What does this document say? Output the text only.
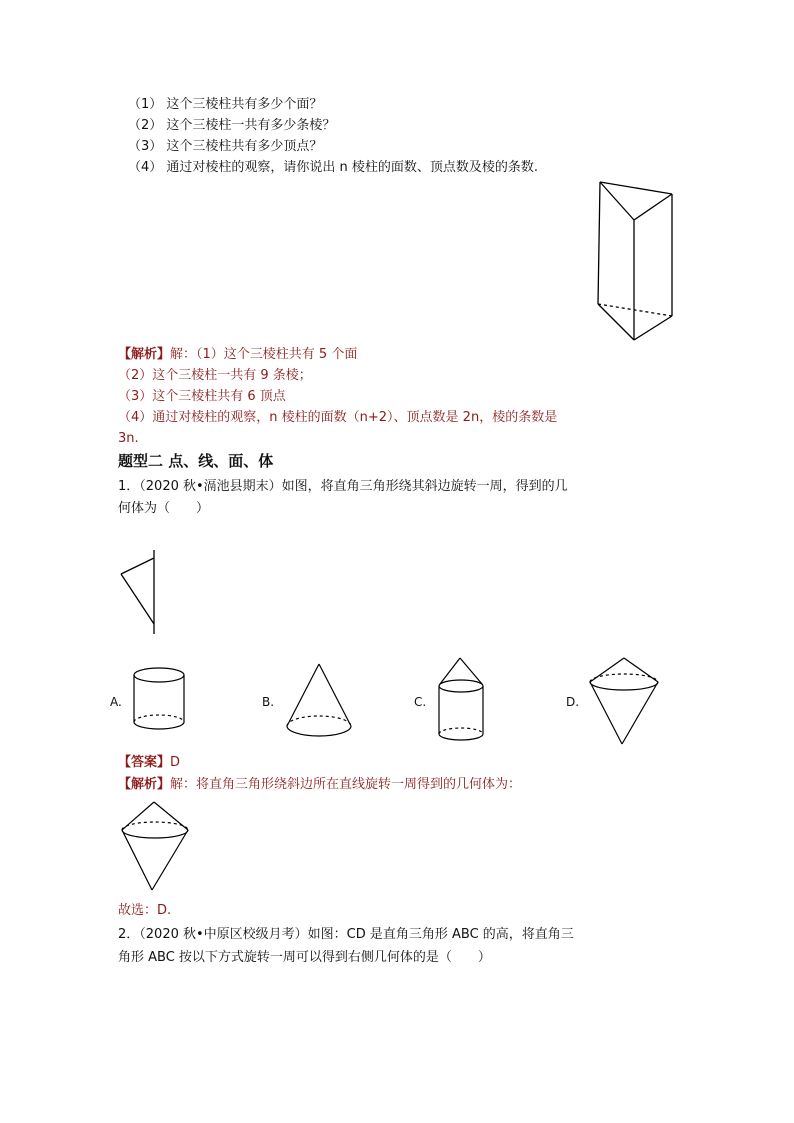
（1） 这个三棱柱共有多少个面？
（2） 这个三棱柱一共有多少条棱？
（3） 这个三棱柱共有多少顶点？
（4） 通过对棱柱的观察，请你说出 n 棱柱的面数、顶点数及棱的条数.
【解析】解：（1）这个三棱柱共有 5 个面
（2）这个三棱柱一共有 9 条棱；
（3）这个三棱柱共有 6 顶点
（4）通过对棱柱的观察，n 棱柱的面数（n+2）、顶点数是 2n，棱的条数是
3n.
题型二 点、线、面、体
1．（2020 秋•滆池县期末）如图，将直角三角形绕其斜边旋转一周，得到的几
何体为（　　）
A.	B.	C.	D.
【答案】D
【解析】解：将直角三角形绕斜边所在直线旋转一周得到的几何体为：
故选：D.
2．（2020 秋•中原区校级月考）如图：CD 是直角三角形 ABC 的高，将直角三
角形 ABC 按以下方式旋转一周可以得到右侧几何体的是（　　）
